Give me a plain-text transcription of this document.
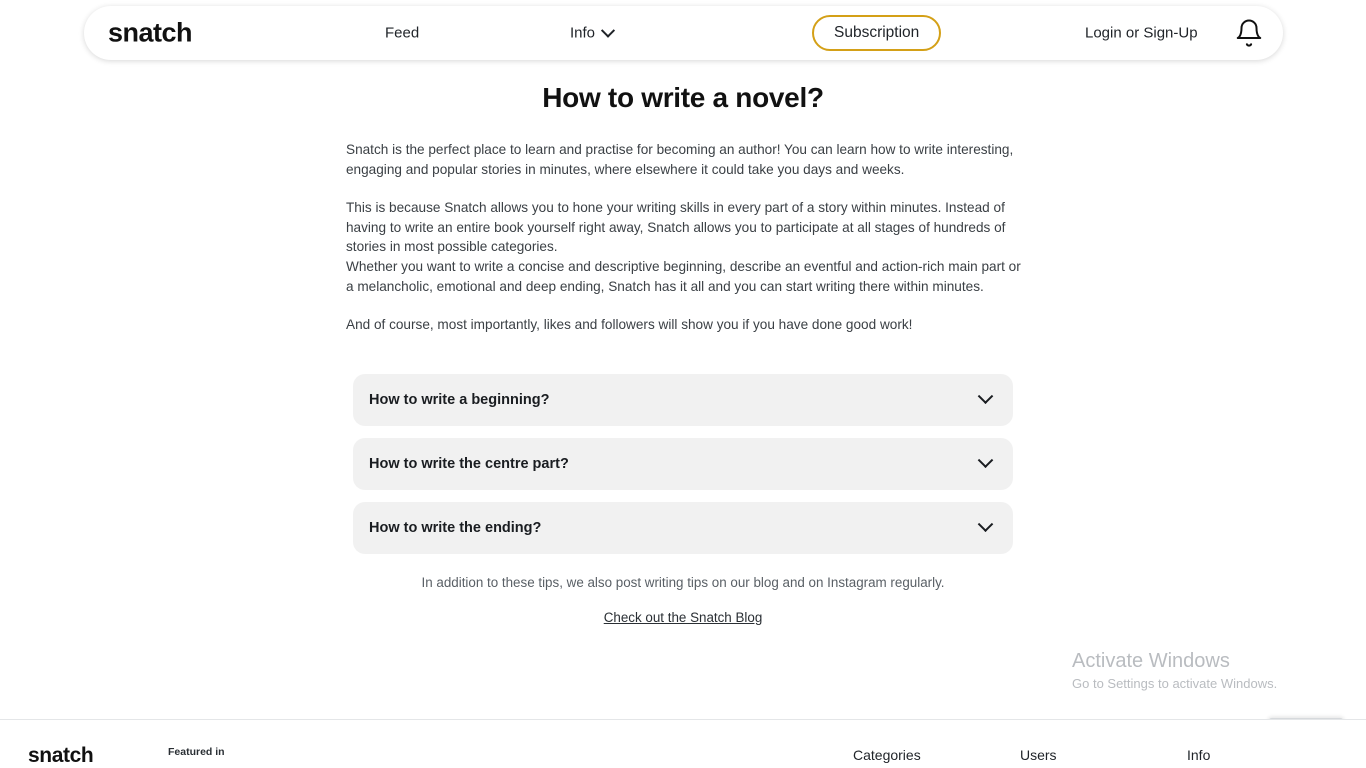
snatch	Feed	Info	Subscription	Login or Sign-Up
How to write a novel?

Snatch is the perfect place to learn and practise for becoming an author! You can learn how to write interesting, engaging and popular stories in minutes, where elsewhere it could take you days and weeks.

This is because Snatch allows you to hone your writing skills in every part of a story within minutes. Instead of having to write an entire book yourself right away, Snatch allows you to participate at all stages of hundreds of stories in most possible categories.

Whether you want to write a concise and descriptive beginning, describe an eventful and action-rich main part or a melancholic, emotional and deep ending, Snatch has it all and you can start writing there within minutes.

And of course, most importantly, likes and followers will show you if you have done good work!

How to write a beginning?
How to write the centre part?
How to write the ending?
In addition to these tips, we also post writing tips on our blog and on Instagram regularly.
Check out the Snatch Blog
Activate Windows
Go to Settings to activate Windows.
snatch	Featured in	Categories	Users	Info
